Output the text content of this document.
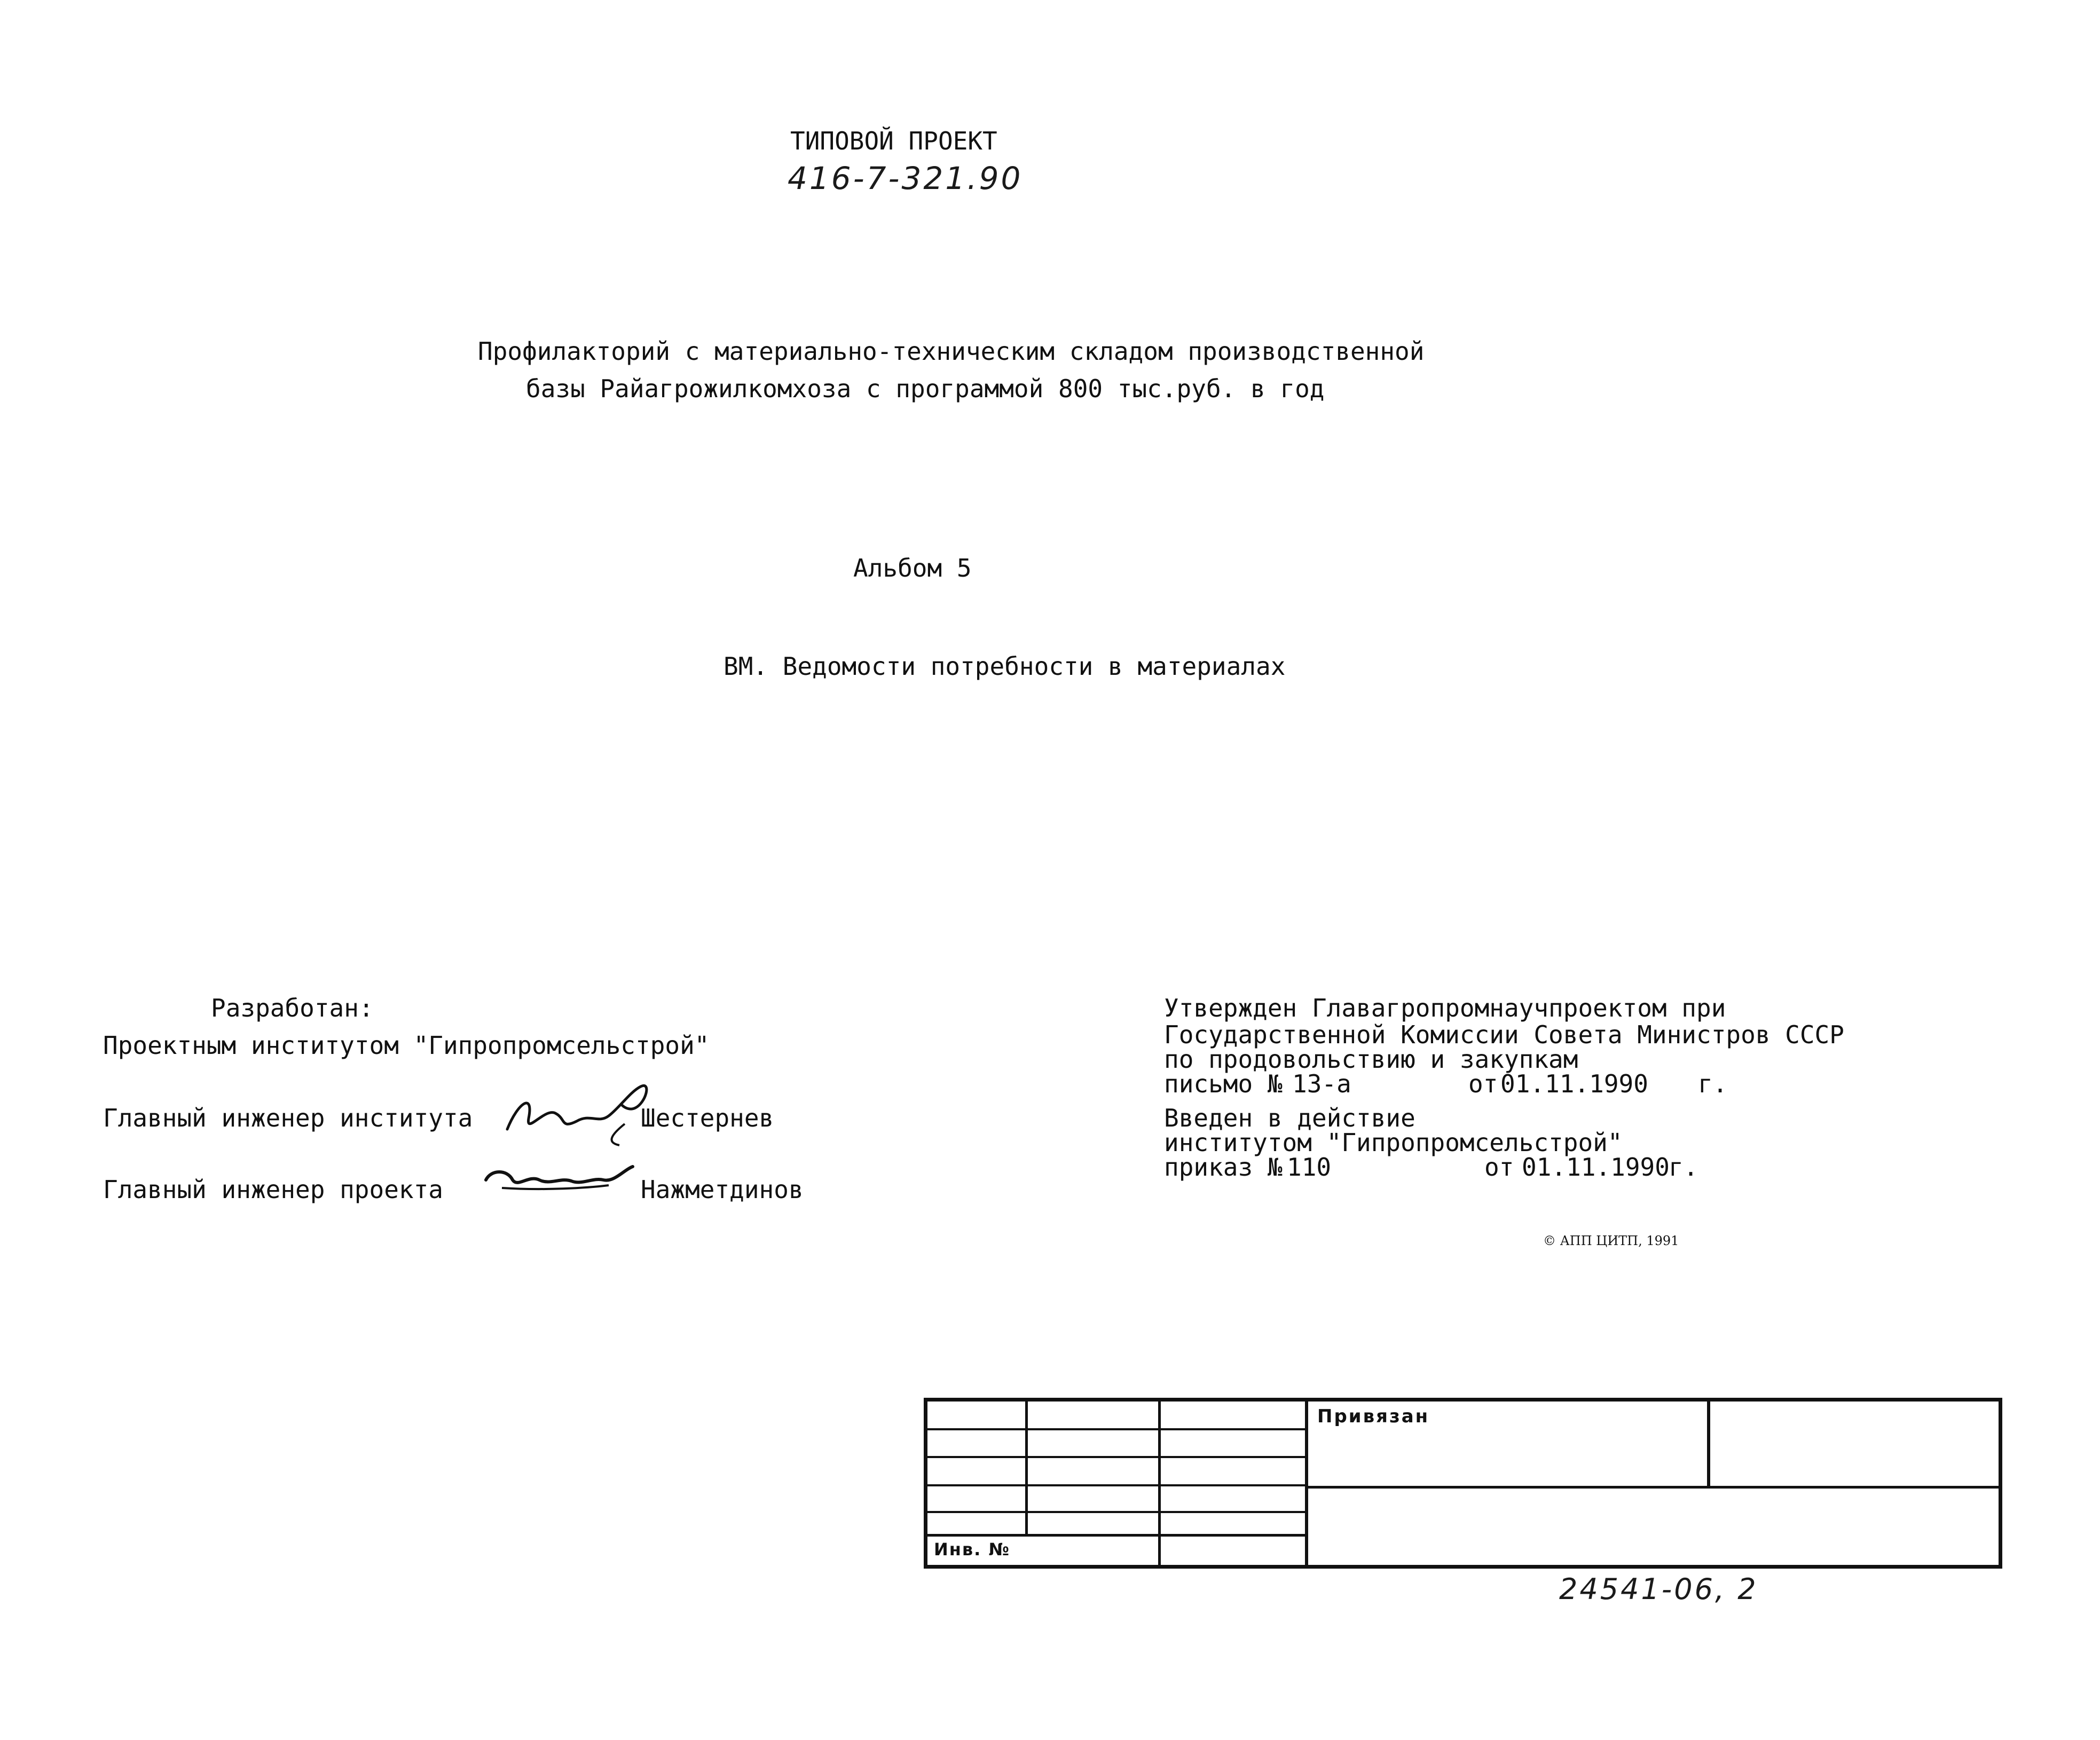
ТИПОВОЙ ПРОЕКТ
416-7-321.90
Профилакторий с материально-техническим складом производственной
базы Райагрожилкомхоза с программой 800 тыс.руб. в год
Альбом 5
ВМ. Ведомости потребности в материалах
Разработан:
Проектным институтом "Гипропромсельстрой"
Главный инженер института	Шестернев
Главный инженер проекта	Нажметдинов
Утвержден Главагропромнаучпроектом при
Государственной Комиссии Совета Министров СССР
по продовольствию и закупкам
письмо № 13-а	от 01.11.1990 г.
Введен в действие
институтом "Гипропромсельстрой"
приказ № 110	от 01.11.1990
г.
© АПП ЦИТП, 1991
Привязан
Инв. №
24541-06, 2
